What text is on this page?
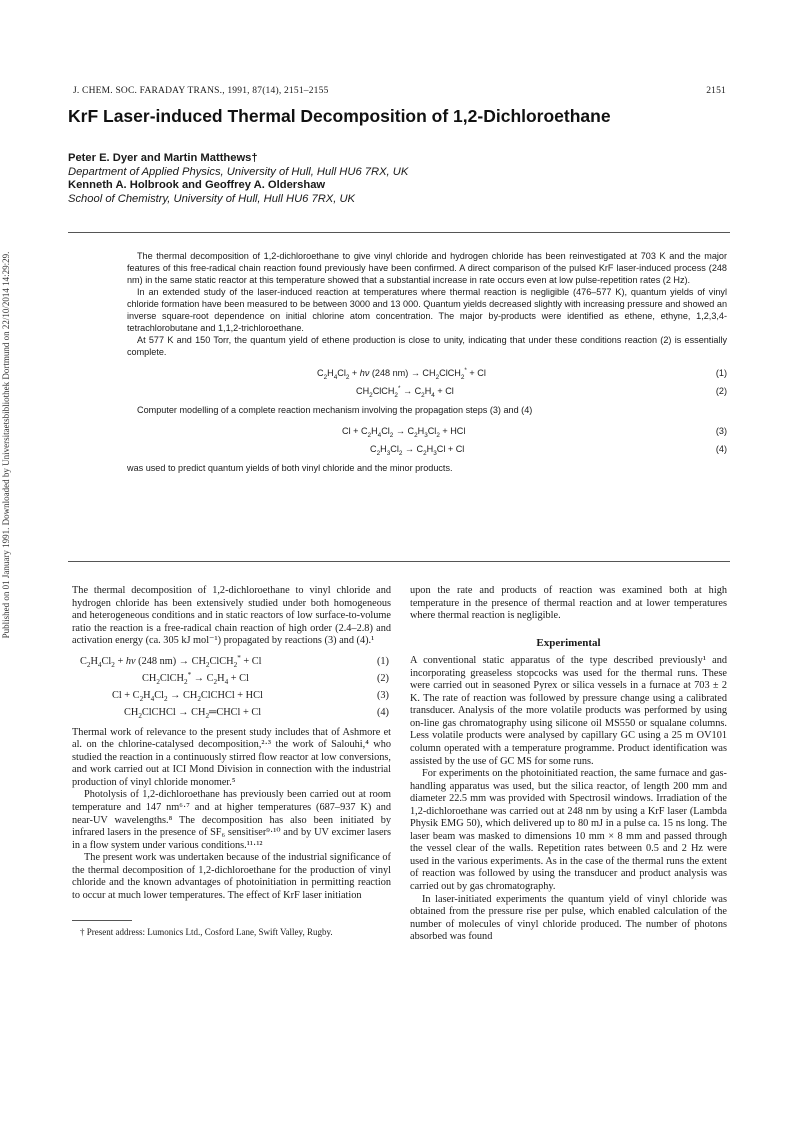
Published on 01 January 1991. Downloaded by Universitaetsbibliothek Dortmund on 22/10/2014 14:29:29.
J. CHEM. SOC. FARADAY TRANS., 1991, 87(14), 2151–2155	2151
KrF Laser-induced Thermal Decomposition of 1,2-Dichloroethane
Peter E. Dyer and Martin Matthews†
Department of Applied Physics, University of Hull, Hull HU6 7RX, UK
Kenneth A. Holbrook and Geoffrey A. Oldershaw
School of Chemistry, University of Hull, Hull HU6 7RX, UK

The thermal decomposition of 1,2-dichloroethane to give vinyl chloride and hydrogen chloride has been reinvestigated at 703 K and the major features of this free-radical chain reaction found previously have been confirmed. A direct comparison of the pulsed KrF laser-induced process (248 nm) in the same static reactor at this temperature showed that a substantial increase in rate occurs even at low pulse-repetition rates (2 Hz).

In an extended study of the laser-induced reaction at temperatures where thermal reaction is negligible (476–577 K), quantum yields of vinyl chloride formation have been measured to be between 3000 and 13 000. Quantum yields decreased slightly with increasing pressure and showed an inverse square-root dependence on initial chlorine atom concentration. The major by-products were identified as ethene, ethyne, 1,2,3,4-tetrachlorobutane and 1,1,2-trichloroethane.

At 577 K and 150 Torr, the quantum yield of ethene production is close to unity, indicating that under these conditions reaction (2) is essentially complete.

$C_2H_4Cl_2 + h\nu$ (248 $nm) \to CH_2ClCH_2^* + Cl$	(1)
$CH_2ClCH_2^* \to C_2H_4 + Cl$	(2)

Computer modelling of a complete reaction mechanism involving the propagation steps (3) and (4)

$Cl + C_2H_4Cl_2 \to C_2H_3Cl_2$ + HCl	(3)
$C_2H_3Cl_2 \to C_2H_3Cl + Cl$	(4)

was used to predict quantum yields of both vinyl chloride and the minor products.

The thermal decomposition of 1,2-dichloroethane to vinyl chloride and hydrogen chloride has been extensively studied under both homogeneous and heterogeneous conditions and in static reactors of low surface-to-volume ratio the reaction is a free-radical chain reaction of high order (2.4–2.8) and activation energy (ca. 305 kJ mol⁻¹) propagated by reactions (3) and (4).¹

$C_2H_4Cl_2 + h\nu$ (248 $nm) \to CH_2ClCH_2^* + Cl$	(1)
$CH_2ClCH_2^* \to C_2H_4 + Cl$	(2)
$Cl + C_2H_4Cl_2$ → $CH_2ClCHCl$ + HCl	(3)
$CH_2ClCHCl$ → $CH_2═CHCl + Cl$	(4)

Thermal work of relevance to the present study includes that of Ashmore et al. on the chlorine-catalysed decomposition,²·³ the work of Salouhi,⁴ who studied the reaction in a continuously stirred flow reactor at low conversions, and work carried out at ICI Mond Division in connection with the industrial production of vinyl chloride monomer.⁵

Photolysis of 1,2-dichloroethane has previously been carried out at room temperature and 147 nm⁶·⁷ and at higher temperatures (687–937 K) and near-UV wavelengths.⁸ The decomposition has also been initiated by infrared lasers in the presence of SF₆ sensitiser⁹·¹⁰ and by UV excimer lasers in a flow system under various conditions.¹¹·¹²

The present work was undertaken because of the industrial significance of the thermal decomposition of 1,2-dichloroethane for the production of vinyl chloride and the known advantages of photoinitiation in permitting reaction to occur at much lower temperatures. The effect of KrF laser initiation

† Present address: Lumonics Ltd., Cosford Lane, Swift Valley, Rugby.

upon the rate and products of reaction was examined both at high temperature in the presence of thermal reaction and at lower temperatures where thermal reaction is negligible.

Experimental

A conventional static apparatus of the type described previously¹ and incorporating greaseless stopcocks was used for the thermal runs. These were carried out in seasoned Pyrex or silica vessels in a furnace at 703 ± 2 K. The rate of reaction was followed by pressure change using a calibrated transducer. Analysis of the more volatile products was performed by using on-line gas chromatography using silicone oil MS550 or squalane columns. Less volatile products were analysed by capillary GC using a 25 m OV101 column operated with a temperature programme. Product identification was assisted by the use of GC MS for some runs.

For experiments on the photoinitiated reaction, the same furnace and gas-handling apparatus was used, but the silica reactor, of length 200 mm and diameter 22.5 mm was provided with Spectrosil windows. Irradiation of the 1,2-dichloroethane was carried out at 248 nm by using a KrF laser (Lambda Physik EMG 50), which delivered up to 80 mJ in a pulse ca. 15 ns long. The laser beam was masked to dimensions 10 mm × 8 mm and passed through the vessel clear of the walls. Repetition rates between 0.5 and 2 Hz were used in the various experiments. As in the case of the thermal runs the extent of reaction was followed by using the transducer and product analysis was carried out by gas chromatography.

In laser-initiated experiments the quantum yield of vinyl chloride was obtained from the pressure rise per pulse, which enabled calculation of the number of molecules of vinyl chloride produced. The number of photons absorbed was found
